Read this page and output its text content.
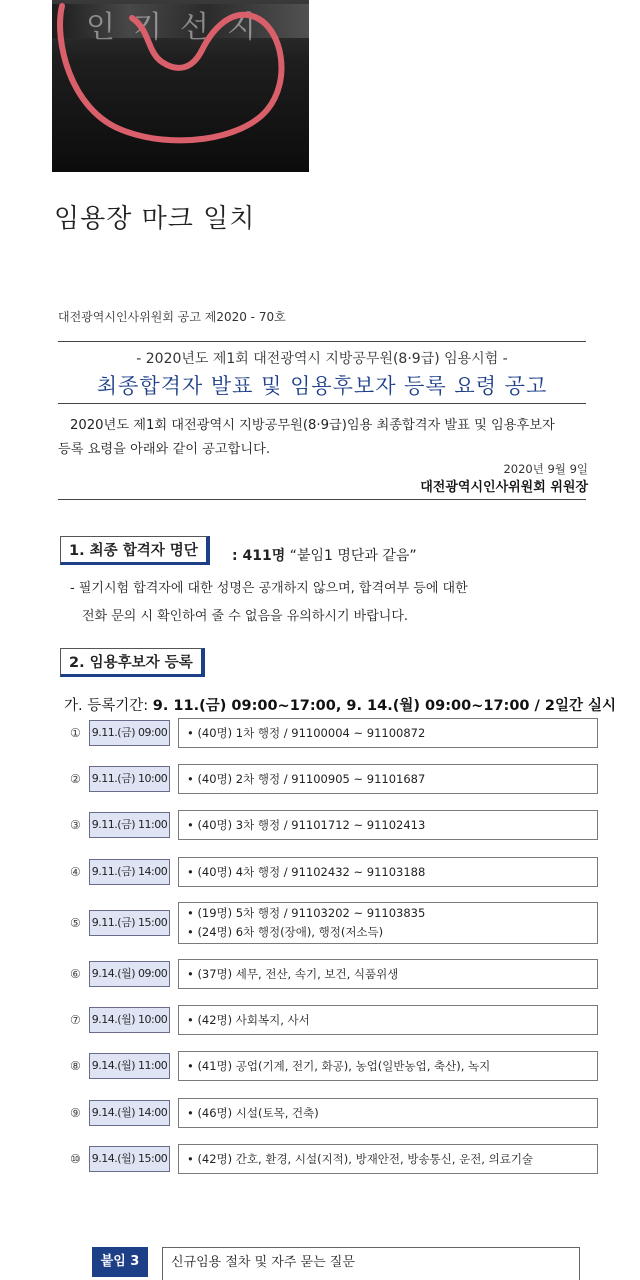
인기선지
임용장 마크 일치
대전광역시인사위원회 공고 제2020 - 70호
- 2020년도 제1회 대전광역시 지방공무원(8·9급) 임용시험 -
최종합격자 발표 및 임용후보자 등록 요령 공고
2020년도 제1회 대전광역시 지방공무원(8·9급)임용 최종합격자 발표 및 임용후보자
등록 요령을 아래와 같이 공고합니다.
2020년 9월 9일
대전광역시인사위원회 위원장
1. 최종 합격자 명단	: 411명 “붙임1 명단과 같음”
- 필기시험 합격자에 대한 성명은 공개하지 않으며, 합격여부 등에 대한
전화 문의 시 확인하여 줄 수 없음을 유의하시기 바랍니다.
2. 임용후보자 등록
가. 등록기간: 9. 11.(금) 09:00~17:00, 9. 14.(월) 09:00~17:00 / 2일간 실시
① 9.11.(금) 09:00 • (40명) 1차 행정 / 91100004 ~ 91100872
② 9.11.(금) 10:00 • (40명) 2차 행정 / 91100905 ~ 91101687
③ 9.11.(금) 11:00 • (40명) 3차 행정 / 91101712 ~ 91102413
④ 9.11.(금) 14:00 • (40명) 4차 행정 / 91102432 ~ 91103188
⑤ 9.11.(금) 15:00
• (19명) 5차 행정 / 91103202 ~ 91103835
• (24명) 6차 행정(장애), 행정(저소득)
⑥ 9.14.(월) 09:00 • (37명) 세무, 전산, 속기, 보건, 식품위생
⑦ 9.14.(월) 10:00 • (42명) 사회복지, 사서
⑧ 9.14.(월) 11:00 • (41명) 공업(기계, 전기, 화공), 농업(일반농업, 축산), 녹지
⑨ 9.14.(월) 14:00 • (46명) 시설(토목, 건축)
⑩ 9.14.(월) 15:00 • (42명) 간호, 환경, 시설(지적), 방재안전, 방송통신, 운전, 의료기술
붙임 3	신규임용 절차 및 자주 묻는 질문
